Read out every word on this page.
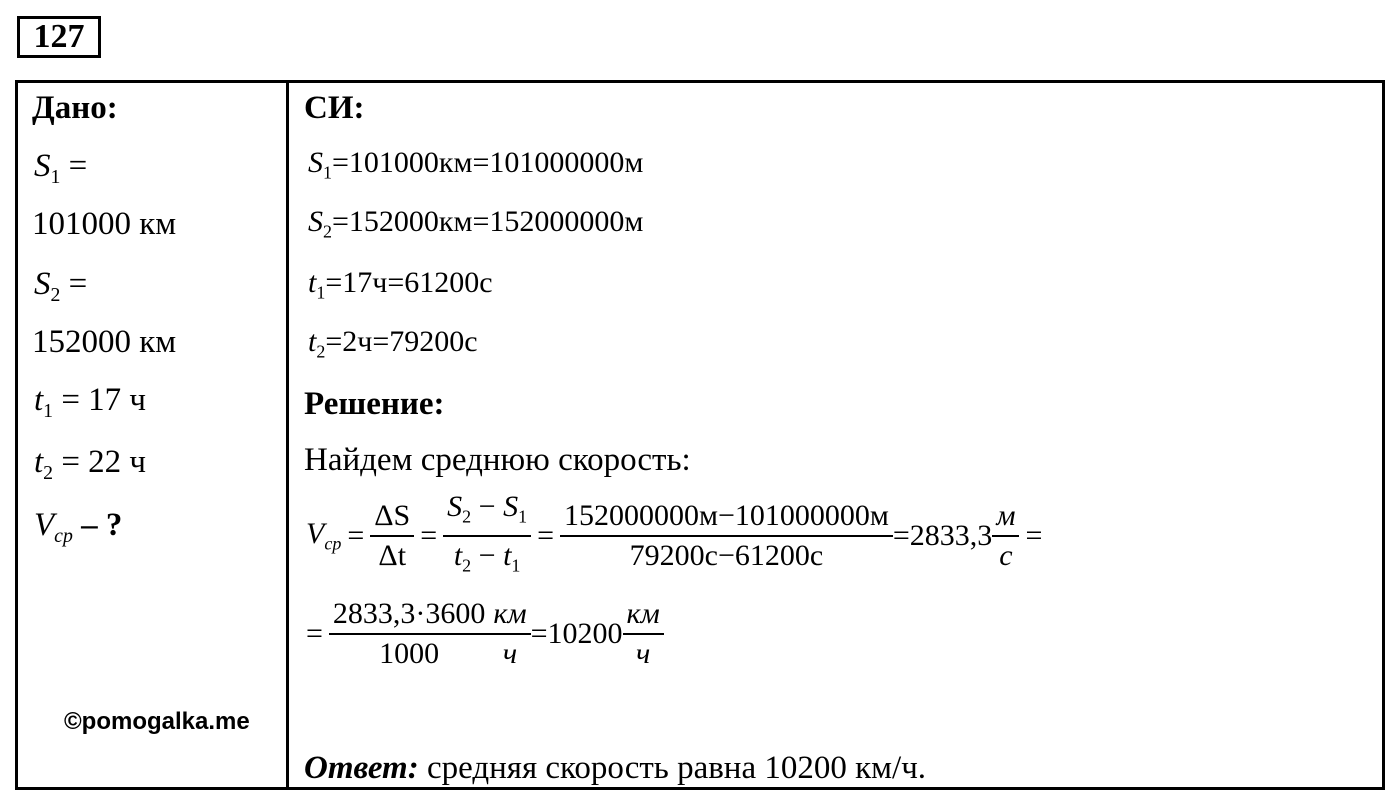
127
Дано:
$S_1$ =
101000 км
$S_2$ =
152000 км
$t_1 = 17$ ч
$t_2 = 22$ ч
$V_{ср}$ – ?
СИ:
$S_1=101000км=101000000м$
$S_2=152000км=152000000м$
$t_1=17ч=61200с$
$t_2=2ч=79200с$
Решение:
Найдем среднюю скорость:
$V_{ср} = \frac{\Delta S}{\Delta t} = \frac{S_2 - S_1}{t_2 - t_1} = \frac{152000000м-101000000м}{79200с-61200с} =2833,3 \frac{м}{с}$ =
= $\frac{2833,3\cdot 3600}{1000} \frac{км}{ч} =10200 \frac{км}{ч}$
©pomogalka.me
Ответ: средняя скорость равна 10200 км/ч.
